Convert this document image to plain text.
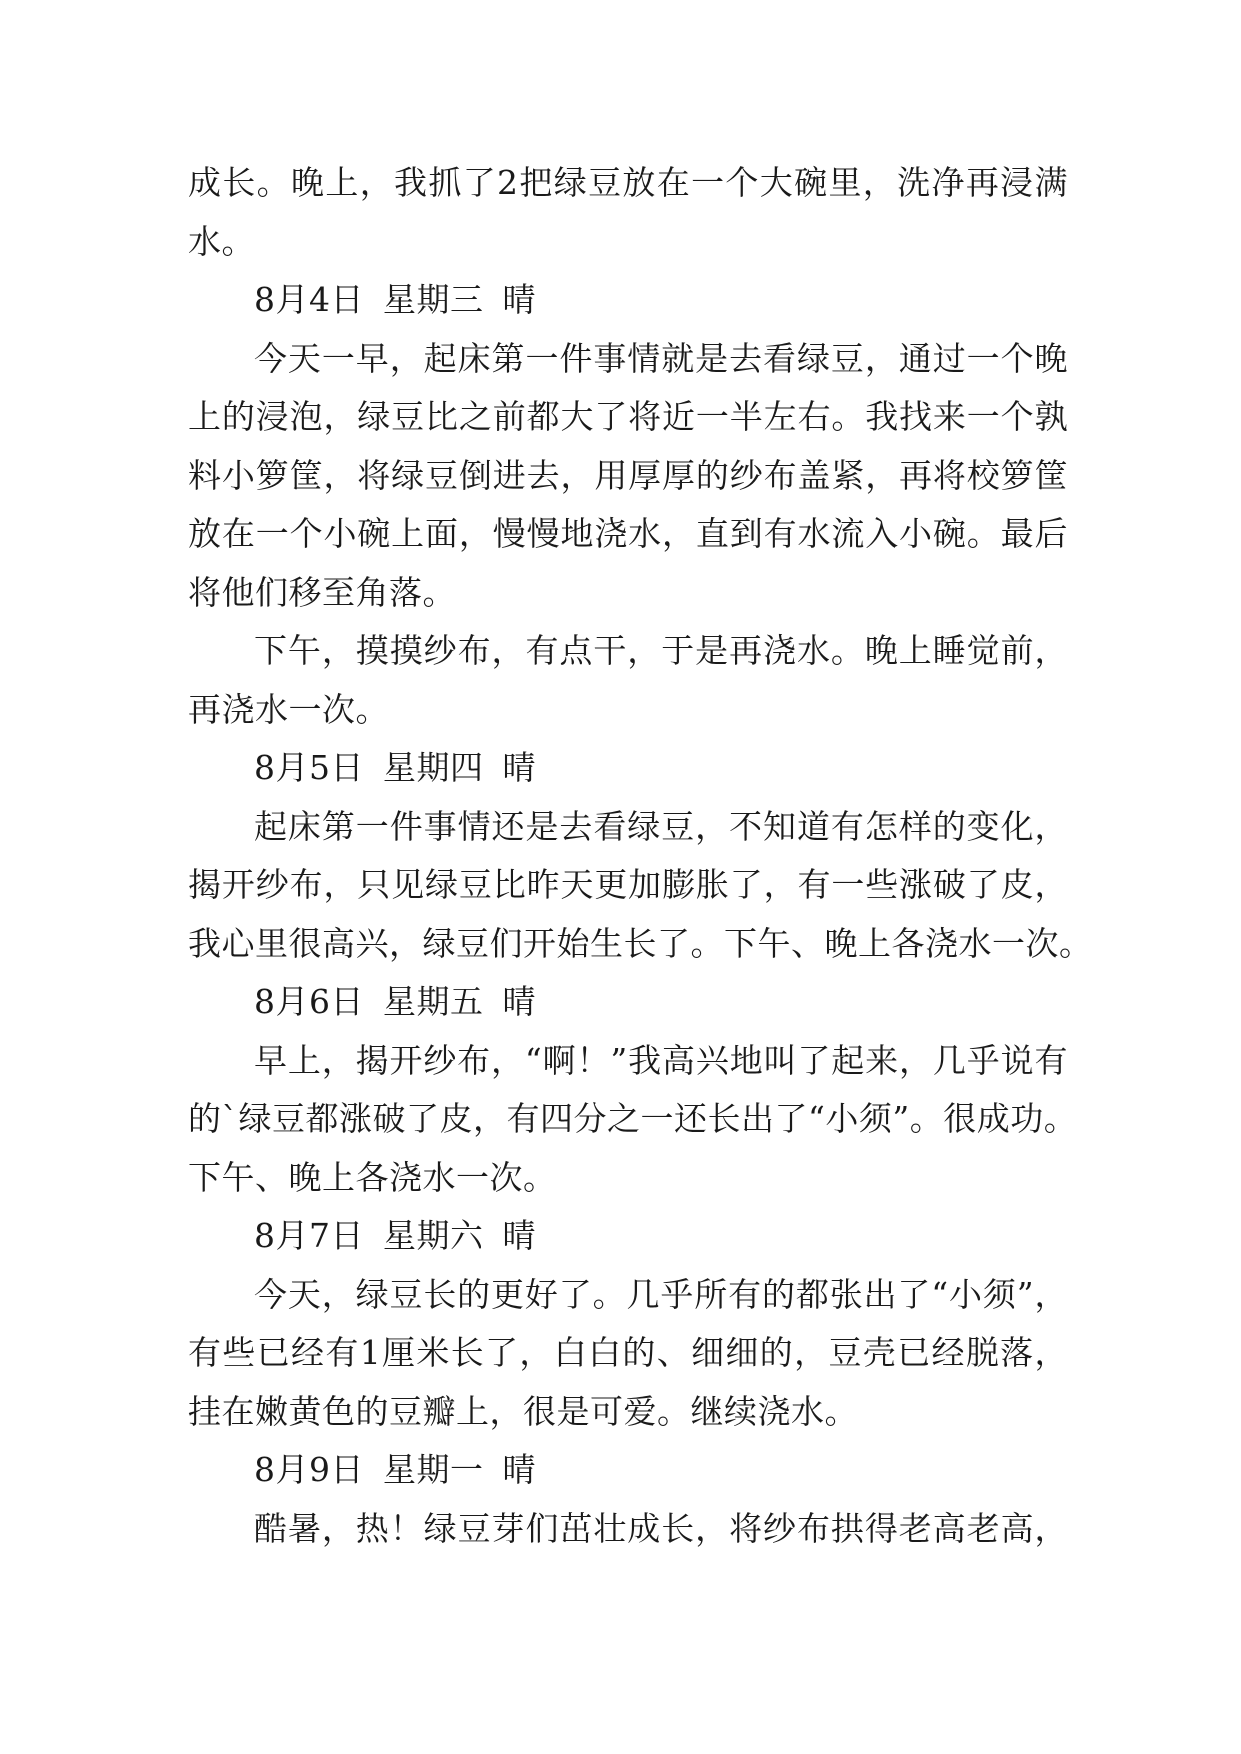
成长。晚上，我抓了2把绿豆放在一个大碗里，洗净再浸满
水。
8月4日 星期三 晴
今天一早，起床第一件事情就是去看绿豆，通过一个晚
上的浸泡，绿豆比之前都大了将近一半左右。我找来一个孰
料小箩筐，将绿豆倒进去，用厚厚的纱布盖紧，再将校箩筐
放在一个小碗上面，慢慢地浇水，直到有水流入小碗。最后
将他们移至角落。
下午，摸摸纱布，有点干，于是再浇水。晚上睡觉前，
再浇水一次。
8月5日 星期四 晴
起床第一件事情还是去看绿豆，不知道有怎样的变化，
揭开纱布，只见绿豆比昨天更加膨胀了，有一些涨破了皮，
我心里很高兴，绿豆们开始生长了。下午、晚上各浇水一次。
8月6日 星期五 晴
早上，揭开纱布，“啊！”我高兴地叫了起来，几乎说有
的`绿豆都涨破了皮，有四分之一还长出了“小须”。很成功。
下午、晚上各浇水一次。
8月7日 星期六 晴
今天，绿豆长的更好了。几乎所有的都张出了“小须”，
有些已经有1厘米长了，白白的、细细的，豆壳已经脱落，
挂在嫩黄色的豆瓣上，很是可爱。继续浇水。
8月9日 星期一 晴
酷暑，热！绿豆芽们茁壮成长，将纱布拱得老高老高，
